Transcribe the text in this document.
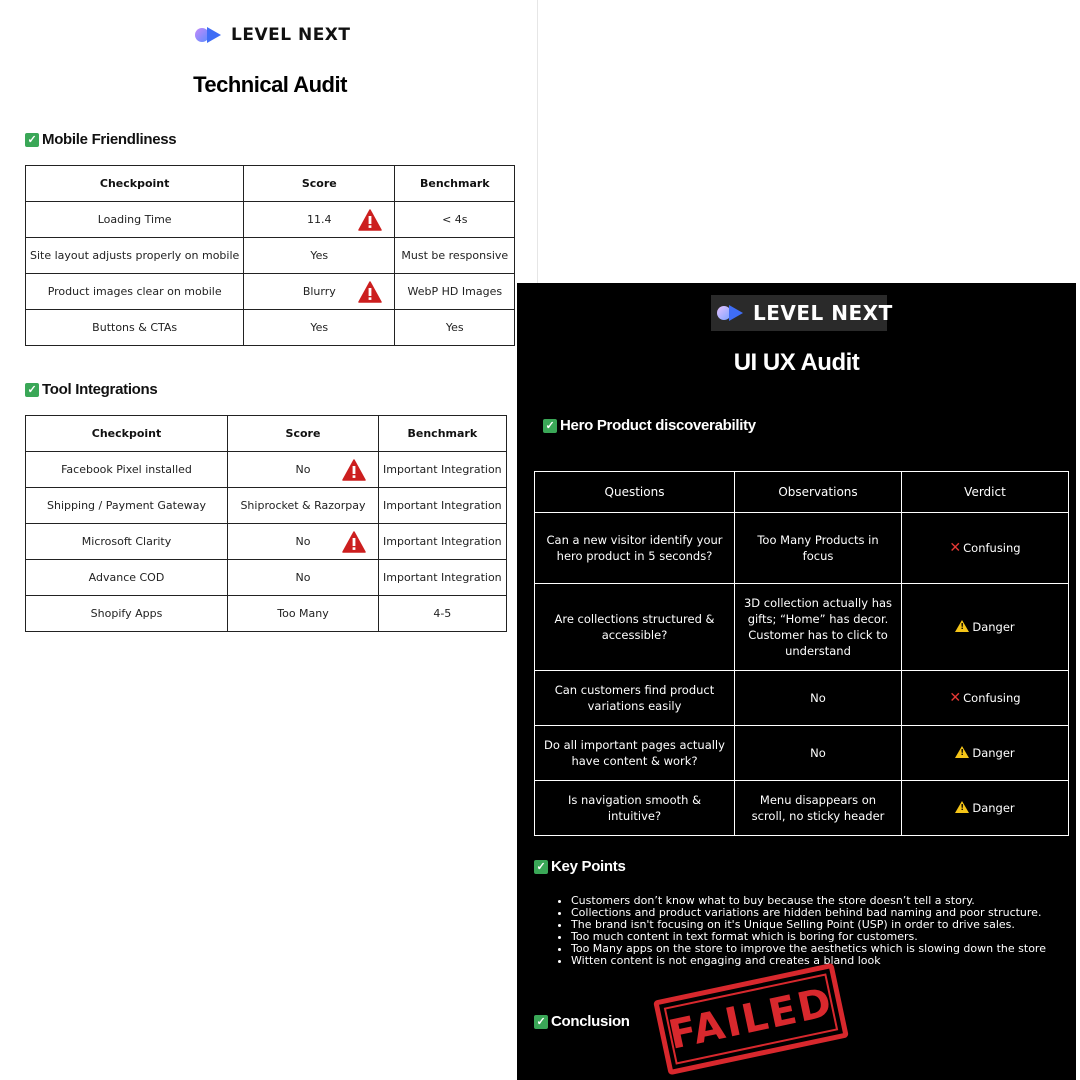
LEVEL NEXT
Technical Audit
✓ Mobile Friendliness
Checkpoint	Score	Benchmark
Loading Time	11.4	< 4s
Site layout adjusts properly on mobile	Yes	Must be responsive
Product images clear on mobile	Blurry	WebP HD Images
Buttons & CTAs	Yes	Yes
✓ Tool Integrations
Checkpoint	Score	Benchmark
Facebook Pixel installed	No	Important Integration
Shipping / Payment Gateway	Shiprocket & Razorpay	Important Integration
Microsoft Clarity	No	Important Integration
Advance COD	No	Important Integration
Shopify Apps	Too Many	4-5
LEVEL NEXT
UI UX Audit
✓ Hero Product discoverability
Questions	Observations	Verdict
Can a new visitor identify your hero product in 5 seconds?	Too Many Products in focus	✕ Confusing
Are collections structured & accessible?	3D collection actually has gifts; “Home” has decor. Customer has to click to understand	! Danger
Can customers find product variations easily	No	✕ Confusing
Do all important pages actually have content & work?	No	! Danger
Is navigation smooth & intuitive?	Menu disappears on scroll, no sticky header	! Danger
✓ Key Points
• Customers don’t know what to buy because the store doesn’t tell a story.
• Collections and product variations are hidden behind bad naming and poor structure.
• The brand isn't focusing on it's Unique Selling Point (USP) in order to drive sales.
• Too much content in text format which is boring for customers.
• Too Many apps on the store to improve the aesthetics which is slowing down the store
• Witten content is not engaging and creates a bland look
✓ Conclusion FAILED
